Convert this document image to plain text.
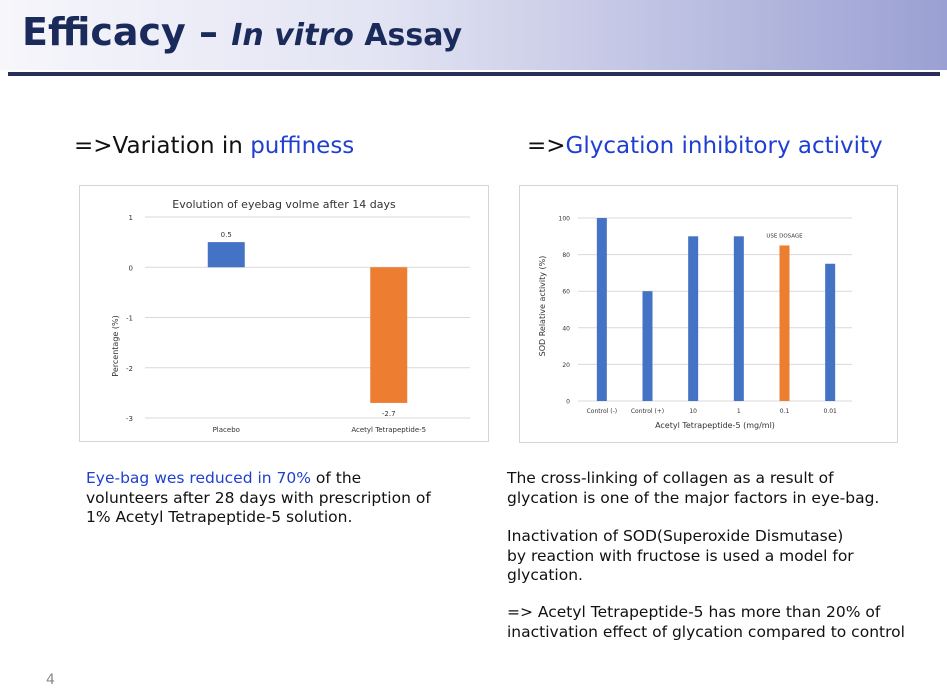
Efficacy – In vitro Assay
=>Variation in puffiness	=>Glycation inhibitory activity
Evolution of eyebag volme after 14 days
Percentage (%)
1
0
-1
-2
-3
0.5
Placebo
-2.7
Acetyl Tetrapeptide-5
SOD Relative activity (%)
Acetyl Tetrapeptide-5 (mg/ml)
0
20
40
60
80
100
Control (-) Control (+)	10	1	0.1
USE DOSAGE
0.01
Eye-bag wes reduced in 70% of the volunteers after 28 days with prescription of 1% Acetyl Tetrapeptide-5 solution.
The cross-linking of collagen as a result of glycation is one of the major factors in eye-bag.
Inactivation of SOD(Superoxide Dismutase) by reaction with fructose is used a model for glycation.
=> Acetyl Tetrapeptide-5 has more than 20% of inactivation effect of glycation compared to control
4
